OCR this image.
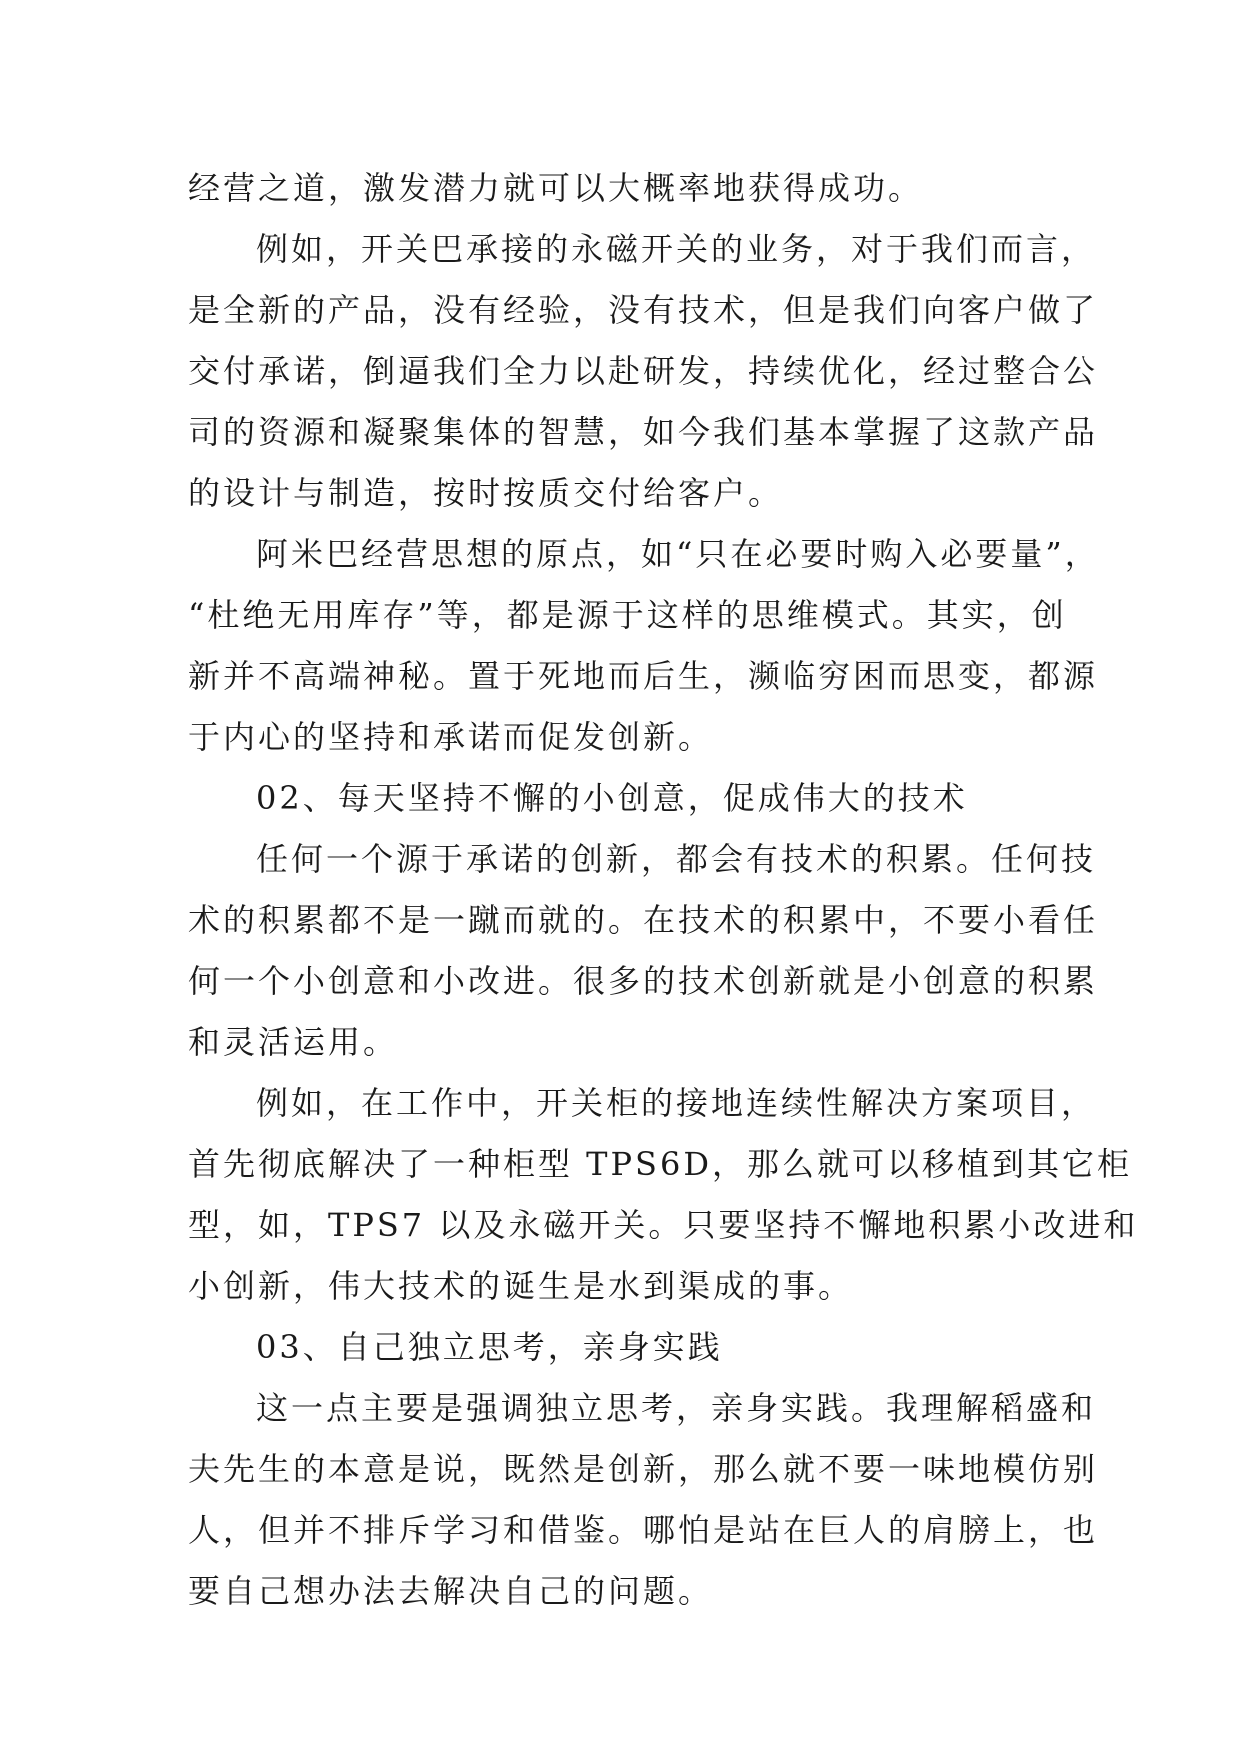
经营之道，激发潜力就可以大概率地获得成功。
例如，开关巴承接的永磁开关的业务，对于我们而言，
是全新的产品，没有经验，没有技术，但是我们向客户做了
交付承诺，倒逼我们全力以赴研发，持续优化，经过整合公
司的资源和凝聚集体的智慧，如今我们基本掌握了这款产品
的设计与制造，按时按质交付给客户。
阿米巴经营思想的原点，如“只在必要时购入必要量”，
“杜绝无用库存”等，都是源于这样的思维模式。其实，创
新并不高端神秘。置于死地而后生，濒临穷困而思变，都源
于内心的坚持和承诺而促发创新。
02、每天坚持不懈的小创意，促成伟大的技术
任何一个源于承诺的创新，都会有技术的积累。任何技
术的积累都不是一蹴而就的。在技术的积累中，不要小看任
何一个小创意和小改进。很多的技术创新就是小创意的积累
和灵活运用。
例如，在工作中，开关柜的接地连续性解决方案项目，
首先彻底解决了一种柜型 TPS6D，那么就可以移植到其它柜
型，如，TPS7 以及永磁开关。只要坚持不懈地积累小改进和
小创新，伟大技术的诞生是水到渠成的事。
03、自己独立思考，亲身实践
这一点主要是强调独立思考，亲身实践。我理解稻盛和
夫先生的本意是说，既然是创新，那么就不要一味地模仿别
人，但并不排斥学习和借鉴。哪怕是站在巨人的肩膀上，也
要自己想办法去解决自己的问题。
